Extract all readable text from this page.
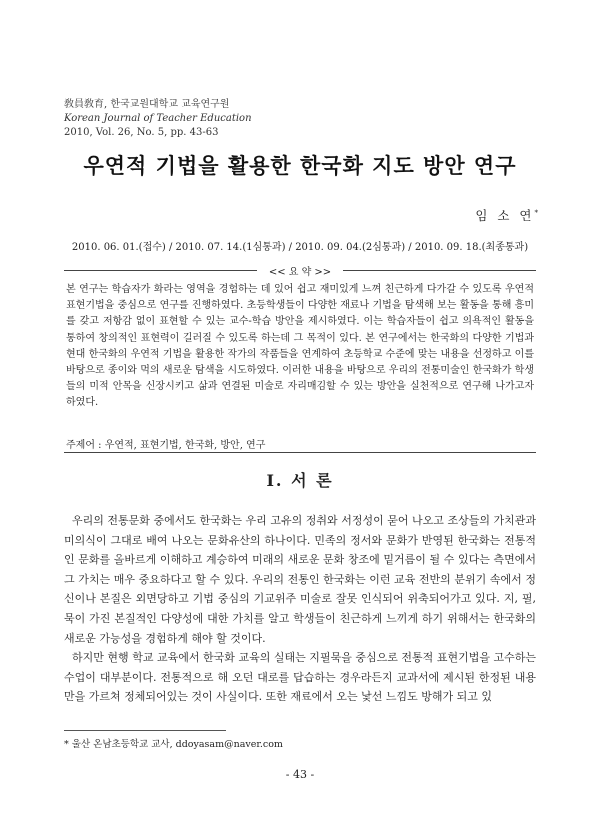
敎員敎育, 한국교원대학교 교육연구원
Korean Journal of Teacher Education
2010, Vol. 26, No. 5, pp. 43-63
우연적 기법을 활용한 한국화 지도 방안 연구
임 소 연*
2010. 06. 01.(접수) / 2010. 07. 14.(1심통과) / 2010. 09. 04.(2심통과) / 2010. 09. 18.(최종통과)
<< 요 약 >>
본 연구는 학습자가 화라는 영역을 경험하는 데 있어 쉽고 재미있게 느껴 친근하게 다가갈 수 있도록 우연적 표현기법을 중심으로 연구를 진행하였다. 초등학생들이 다양한 재료나 기법을 탐색해 보는 활동을 통해 흥미를 갖고 저항감 없이 표현할 수 있는 교수-학습 방안을 제시하였다. 이는 학습자들이 쉽고 의욕적인 활동을 통하여 창의적인 표현력이 길러질 수 있도록 하는데 그 목적이 있다. 본 연구에서는 한국화의 다양한 기법과 현대 한국화의 우연적 기법을 활용한 작가의 작품들을 연계하여 초등학교 수준에 맞는 내용을 선정하고 이를 바탕으로 종이와 먹의 새로운 탐색을 시도하였다. 이러한 내용을 바탕으로 우리의 전통미술인 한국화가 학생들의 미적 안목을 신장시키고 삶과 연결된 미술로 자리매김할 수 있는 방안을 실천적으로 연구해 나가고자 하였다.
주제어 : 우연적, 표현기법, 한국화, 방안, 연구
Ⅰ. 서 론

우리의 전통문화 중에서도 한국화는 우리 고유의 정취와 서정성이 묻어 나오고 조상들의 가치관과 미의식이 그대로 배여 나오는 문화유산의 하나이다. 민족의 정서와 문화가 반영된 한국화는 전통적인 문화를 올바르게 이해하고 계승하여 미래의 새로운 문화 창조에 밑거름이 될 수 있다는 측면에서 그 가치는 매우 중요하다고 할 수 있다. 우리의 전통인 한국화는 이런 교육 전반의 분위기 속에서 정신이나 본질은 외면당하고 기법 중심의 기교위주 미술로 잘못 인식되어 위축되어가고 있다. 지, 필, 묵이 가진 본질적인 다양성에 대한 가치를 알고 학생들이 친근하게 느끼게 하기 위해서는 한국화의 새로운 가능성을 경험하게 해야 할 것이다.

하지만 현행 학교 교육에서 한국화 교육의 실태는 지필묵을 중심으로 전통적 표현기법을 고수하는 수업이 대부분이다. 전통적으로 해 오던 대로를 답습하는 경우라든지 교과서에 제시된 한정된 내용만을 가르쳐 정체되어있는 것이 사실이다. 또한 재료에서 오는 낯선 느낌도 방해가 되고 있

* 울산 온남초등학교 교사, ddoyasam@naver.com
- 43 -
